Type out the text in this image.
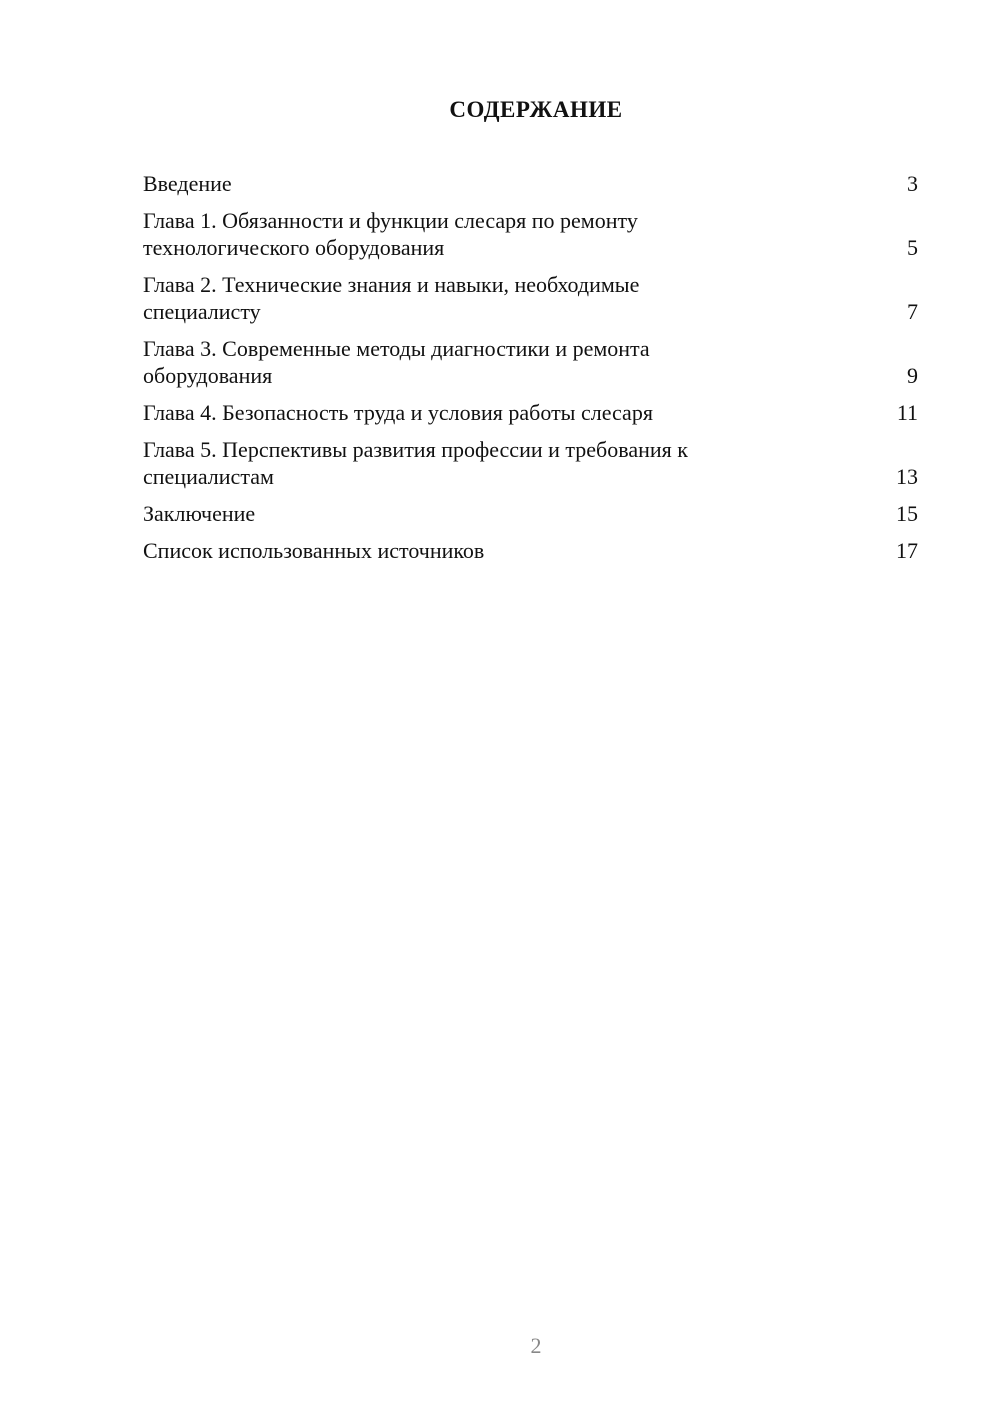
СОДЕРЖАНИЕ
Введение	3
Глава 1. Обязанности и функции слесаря по ремонту
технологического оборудования	5
Глава 2. Технические знания и навыки, необходимые
специалисту	7
Глава 3. Современные методы диагностики и ремонта
оборудования	9
Глава 4. Безопасность труда и условия работы слесаря	11
Глава 5. Перспективы развития профессии и требования к
специалистам	13
Заключение	15
Список использованных источников	17
2
